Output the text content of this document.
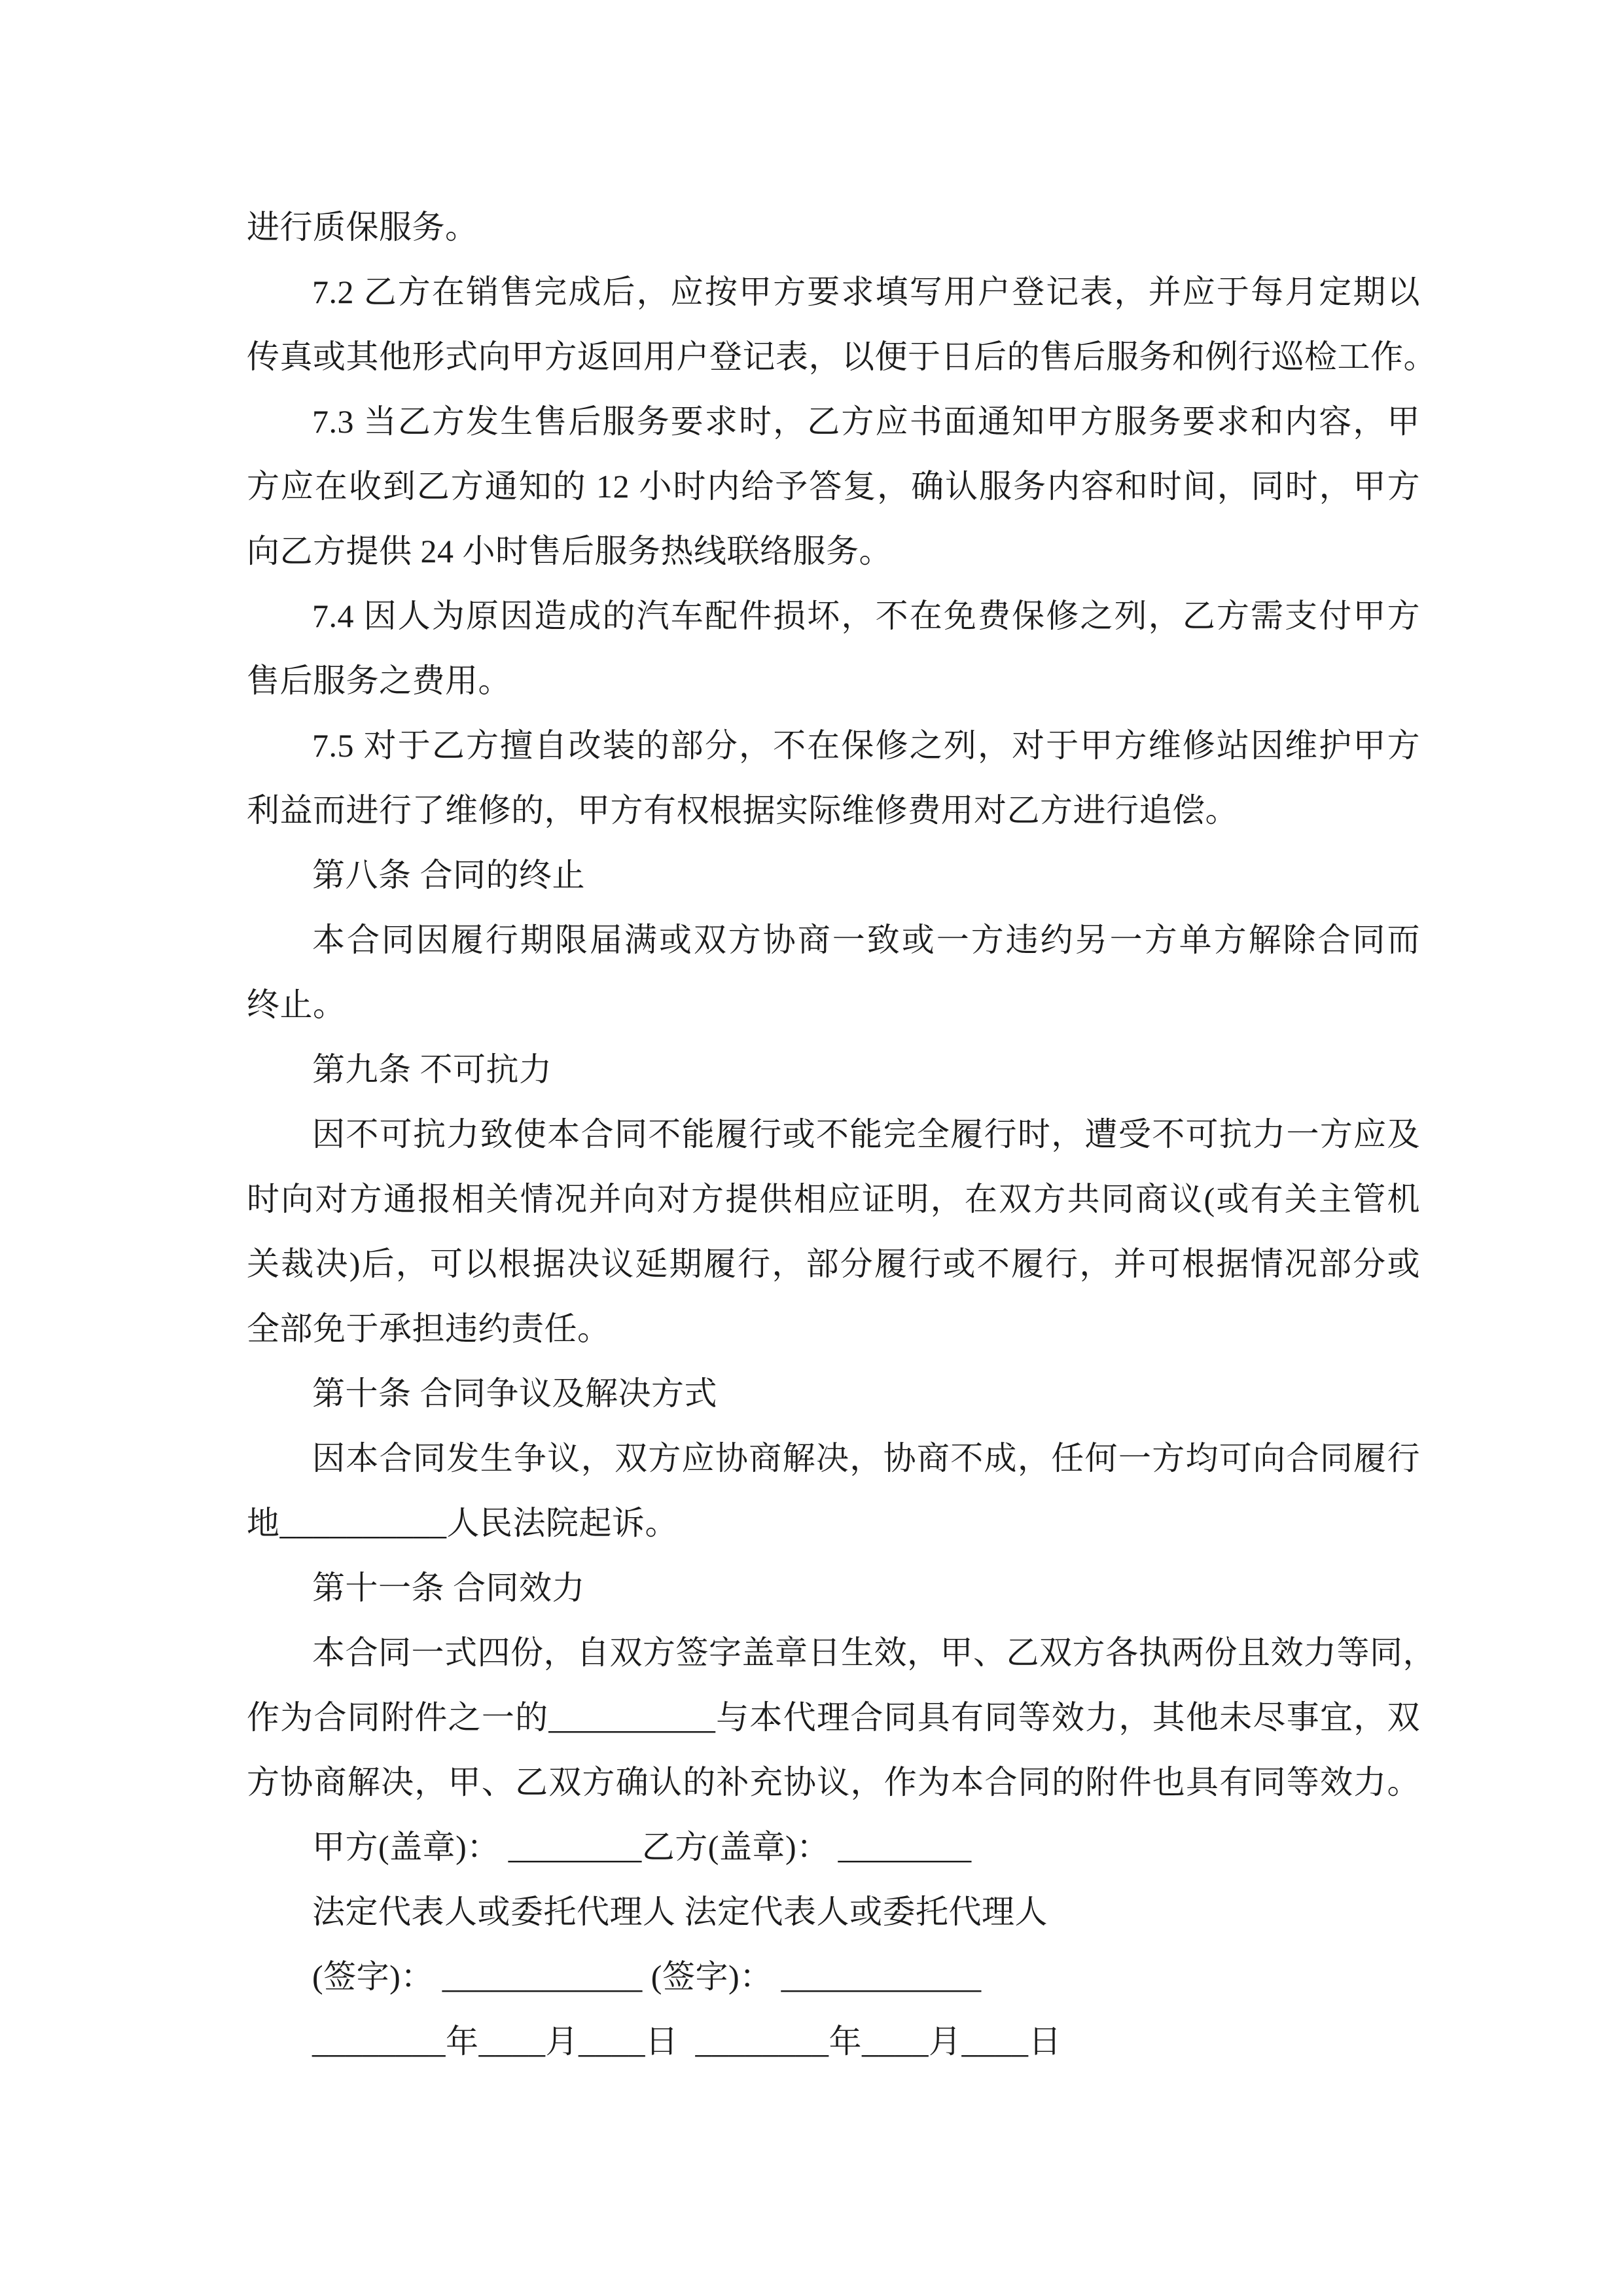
进行质保服务。
7.2 乙方在销售完成后，应按甲方要求填写用户登记表，并应于每月定期以
传真或其他形式向甲方返回用户登记表，以便于日后的售后服务和例行巡检工作。
7.3 当乙方发生售后服务要求时，乙方应书面通知甲方服务要求和内容，甲
方应在收到乙方通知的 12 小时内给予答复，确认服务内容和时间，同时，甲方
向乙方提供 24 小时售后服务热线联络服务。
7.4 因人为原因造成的汽车配件损坏，不在免费保修之列，乙方需支付甲方
售后服务之费用。
7.5 对于乙方擅自改装的部分，不在保修之列，对于甲方维修站因维护甲方
利益而进行了维修的，甲方有权根据实际维修费用对乙方进行追偿。
第八条 合同的终止
本合同因履行期限届满或双方协商一致或一方违约另一方单方解除合同而
终止。
第九条 不可抗力
因不可抗力致使本合同不能履行或不能完全履行时，遭受不可抗力一方应及
时向对方通报相关情况并向对方提供相应证明，在双方共同商议(或有关主管机
关裁决)后，可以根据决议延期履行，部分履行或不履行，并可根据情况部分或
全部免于承担违约责任。
第十条 合同争议及解决方式
因本合同发生争议，双方应协商解决，协商不成，任何一方均可向合同履行
地__________人民法院起诉。
第十一条 合同效力
本合同一式四份，自双方签字盖章日生效，甲、乙双方各执两份且效力等同，
作为合同附件之一的__________与本代理合同具有同等效力，其他未尽事宜，双
方协商解决，甲、乙双方确认的补充协议，作为本合同的附件也具有同等效力。
甲方(盖章)： ________乙方(盖章)： ________
法定代表人或委托代理人 法定代表人或委托代理人
(签字)： ____________ (签字)： ____________
________年____月____日  ________年____月____日
